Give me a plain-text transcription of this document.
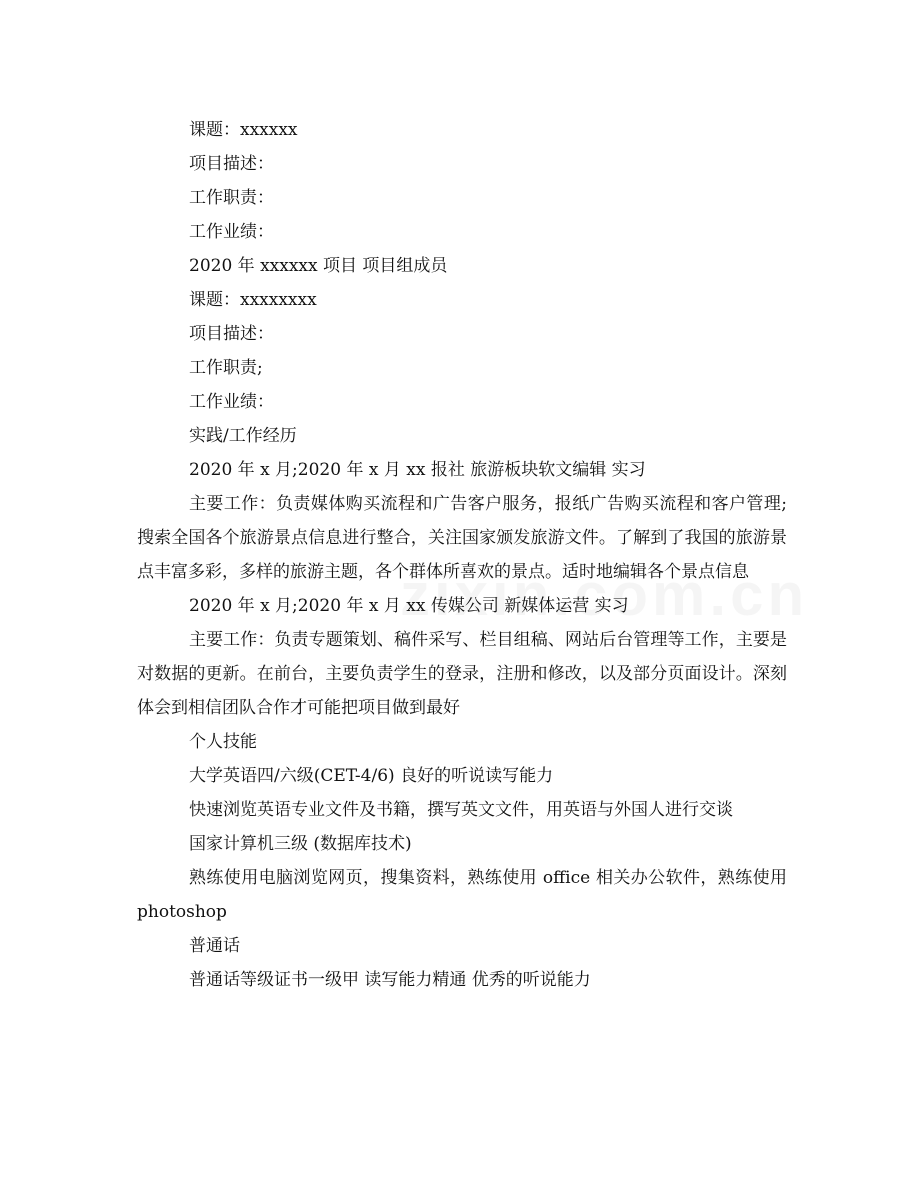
课题：xxxxxx

项目描述：

工作职责：

工作业绩：

2020 年 xxxxxx 项目 项目组成员

课题：xxxxxxxx

项目描述：

工作职责;

工作业绩：

实践/工作经历

2020 年 x 月;2020 年 x 月 xx 报社 旅游板块软文编辑 实习

主要工作：负责媒体购买流程和广告客户服务，报纸广告购买流程和客户管理;搜索全国各个旅游景点信息进行整合，关注国家颁发旅游文件。了解到了我国的旅游景点丰富多彩，多样的旅游主题，各个群体所喜欢的景点。适时地编辑各个景点信息

2020 年 x 月;2020 年 x 月 xx 传媒公司 新媒体运营 实习

主要工作：负责专题策划、稿件采写、栏目组稿、网站后台管理等工作，主要是对数据的更新。在前台，主要负责学生的登录，注册和修改，以及部分页面设计。深刻体会到相信团队合作才可能把项目做到最好

个人技能

大学英语四/六级(CET-4/6) 良好的听说读写能力

快速浏览英语专业文件及书籍，撰写英文文件，用英语与外国人进行交谈

国家计算机三级 (数据库技术)

熟练使用电脑浏览网页，搜集资料，熟练使用 office 相关办公软件，熟练使用 photoshop

普通话

普通话等级证书一级甲 读写能力精通 优秀的听说能力
